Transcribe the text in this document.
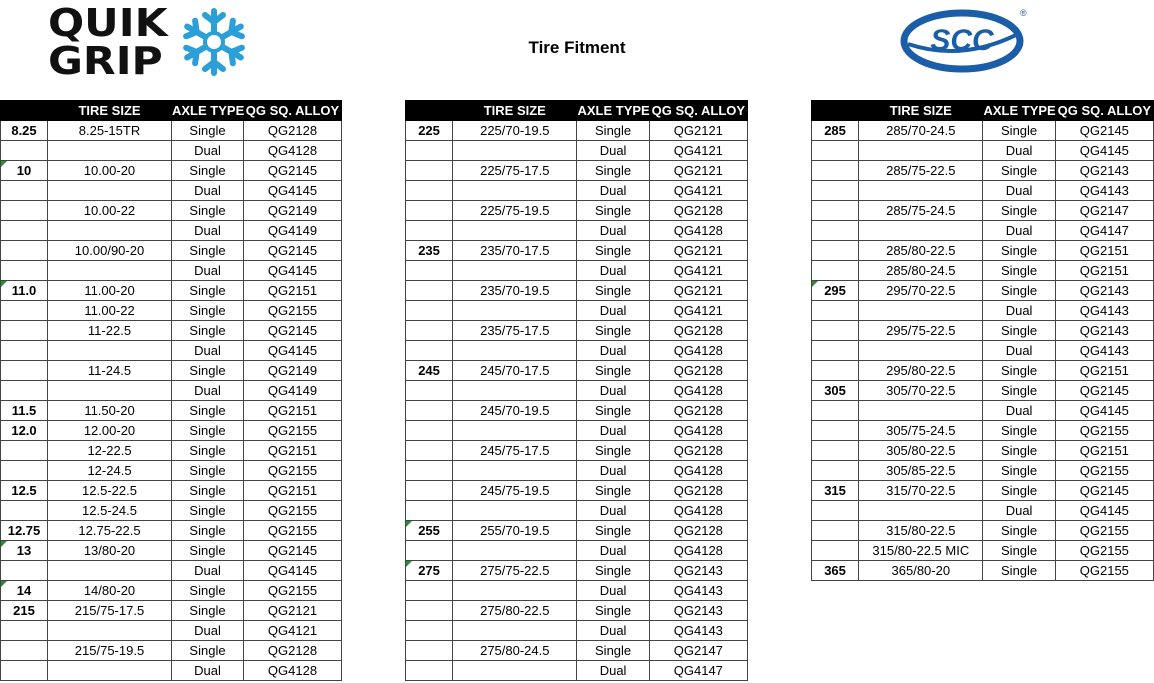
QUIK
GRIP	Tire Fitment	SCC
®
	TIRE SIZE	AXLE TYPE	QG SQ. ALLOY
8.25	8.25-15TR	Single	QG2128
		Dual	QG4128
10	10.00-20	Single	QG2145
		Dual	QG4145
	10.00-22	Single	QG2149
		Dual	QG4149
	10.00/90-20	Single	QG2145
		Dual	QG4145
11.0	11.00-20	Single	QG2151
	11.00-22	Single	QG2155
	11-22.5	Single	QG2145
		Dual	QG4145
	11-24.5	Single	QG2149
		Dual	QG4149
11.5	11.50-20	Single	QG2151
12.0	12.00-20	Single	QG2155
	12-22.5	Single	QG2151
	12-24.5	Single	QG2155
12.5	12.5-22.5	Single	QG2151
	12.5-24.5	Single	QG2155
12.75	12.75-22.5	Single	QG2155
13	13/80-20	Single	QG2145
		Dual	QG4145
14	14/80-20	Single	QG2155
215	215/75-17.5	Single	QG2121
		Dual	QG4121
	215/75-19.5	Single	QG2128
		Dual	QG4128
	TIRE SIZE	AXLE TYPE	QG SQ. ALLOY
225	225/70-19.5	Single	QG2121
		Dual	QG4121
	225/75-17.5	Single	QG2121
		Dual	QG4121
	225/75-19.5	Single	QG2128
		Dual	QG4128
235	235/70-17.5	Single	QG2121
		Dual	QG4121
	235/70-19.5	Single	QG2121
		Dual	QG4121
	235/75-17.5	Single	QG2128
		Dual	QG4128
245	245/70-17.5	Single	QG2128
		Dual	QG4128
	245/70-19.5	Single	QG2128
		Dual	QG4128
	245/75-17.5	Single	QG2128
		Dual	QG4128
	245/75-19.5	Single	QG2128
		Dual	QG4128
255	255/70-19.5	Single	QG2128
		Dual	QG4128
275	275/75-22.5	Single	QG2143
		Dual	QG4143
	275/80-22.5	Single	QG2143
		Dual	QG4143
	275/80-24.5	Single	QG2147
		Dual	QG4147
	TIRE SIZE	AXLE TYPE	QG SQ. ALLOY
285	285/70-24.5	Single	QG2145
		Dual	QG4145
	285/75-22.5	Single	QG2143
		Dual	QG4143
	285/75-24.5	Single	QG2147
		Dual	QG4147
	285/80-22.5	Single	QG2151
	285/80-24.5	Single	QG2151
295	295/70-22.5	Single	QG2143
		Dual	QG4143
	295/75-22.5	Single	QG2143
		Dual	QG4143
	295/80-22.5	Single	QG2151
305	305/70-22.5	Single	QG2145
		Dual	QG4145
	305/75-24.5	Single	QG2155
	305/80-22.5	Single	QG2151
	305/85-22.5	Single	QG2155
315	315/70-22.5	Single	QG2145
		Dual	QG4145
	315/80-22.5	Single	QG2155
	315/80-22.5 MIC	Single	QG2155
365	365/80-20	Single	QG2155
